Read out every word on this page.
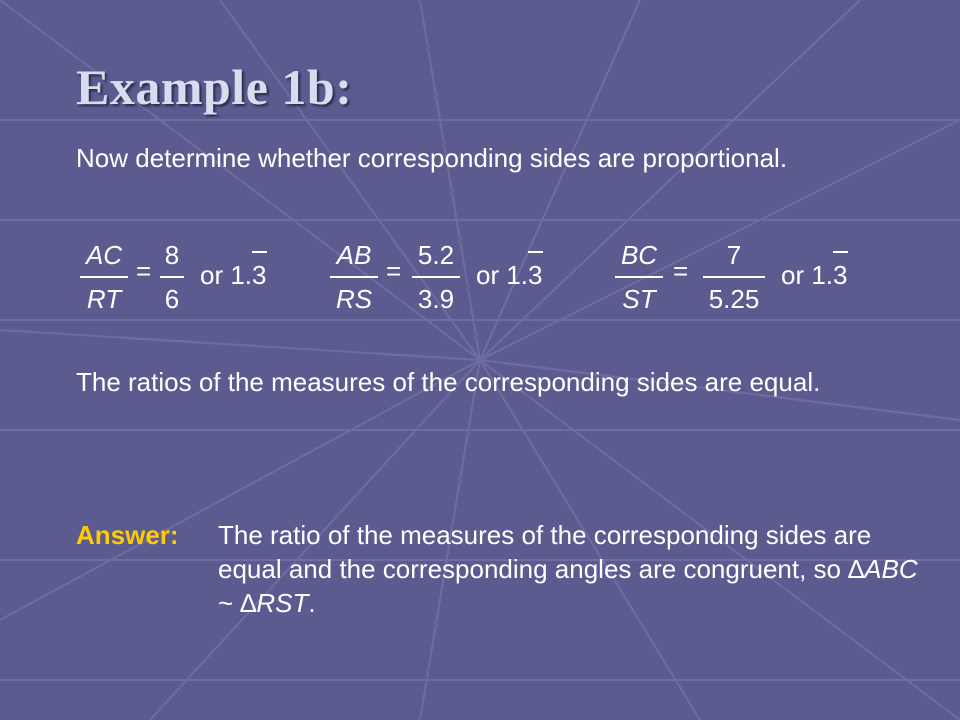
Example 1b:
Now determine whether corresponding sides are proportional.
AC
RT
=
8
6
or 1.
3
AB
RS
=
5.2
3.9
or 1.
3
BC
ST
=
7
5.25
or 1.
3
The ratios of the measures of the corresponding sides are equal.
Answer: The ratio of the measures of the corresponding sides are equal and the corresponding angles are congruent, so ∆ABC ~ ∆RST.
